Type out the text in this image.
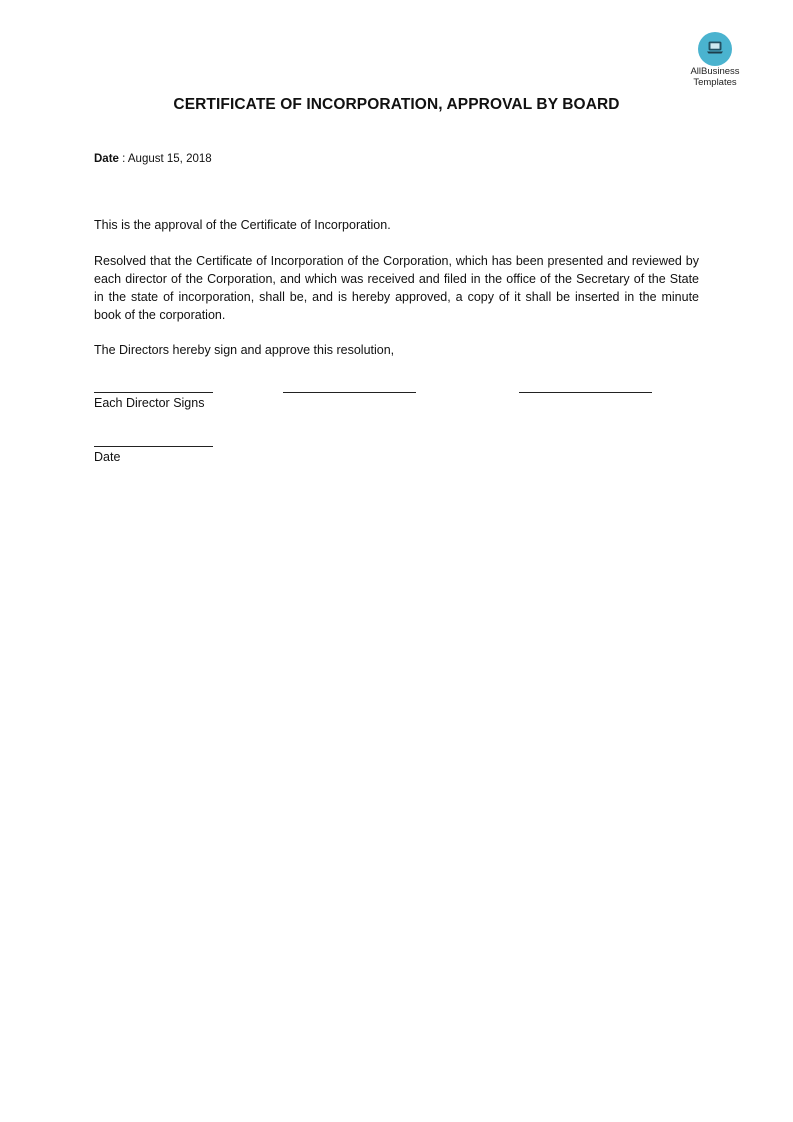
AllBusiness
Templates
CERTIFICATE OF INCORPORATION, APPROVAL BY BOARD
Date : August 15, 2018
This is the approval of the Certificate of Incorporation.
Resolved that the Certificate of Incorporation of the Corporation, which has been presented and reviewed by each director of the Corporation, and which was received and filed in the office of the Secretary of the State in the state of incorporation, shall be, and is hereby approved, a copy of it shall be inserted in the minute book of the corporation.
The Directors hereby sign and approve this resolution,
Each Director Signs
Date
